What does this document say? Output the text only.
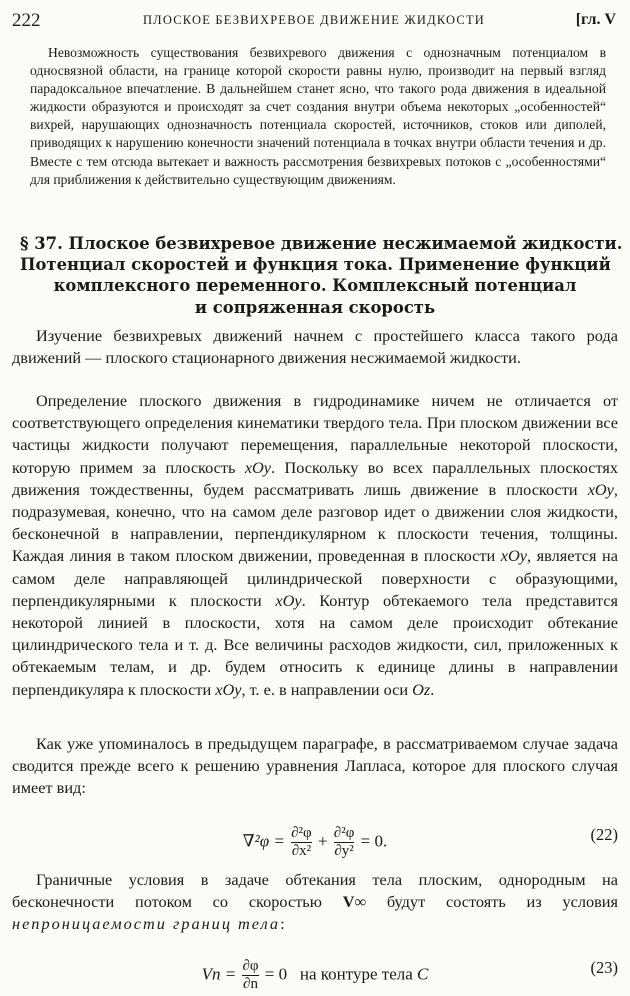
222	ПЛОСКОЕ БЕЗВИХРЕВОЕ ДВИЖЕНИЕ ЖИДКОСТИ	[гл. V

Невозможность существования безвихревого движения с однозначным потенциалом в односвязной области, на границе которой скорости равны нулю, производит на первый взгляд парадоксальное впечатление. В дальнейшем станет ясно, что такого рода движения в идеальной жидкости образуются и происходят за счет создания внутри объема некоторых „особенностей“ вихрей, нарушающих однозначность потенциала скоростей, источников, стоков или диполей, приводящих к нарушению конечности значений потенциала в точках внутри области течения и др. Вместе с тем отсюда вытекает и важность рассмотрения безвихревых потоков с „особенностями“ для приближения к действительно существующим движениям.

§ 37. Плоское безвихревое движение несжимаемой жидкости.
Потенциал скоростей и функция тока. Применение функций
комплексного переменного. Комплексный потенциал
и сопряженная скорость

Изучение безвихревых движений начнем с простейшего класса такого рода движений — плоского стационарного движения несжимаемой жидкости.

Определение плоского движения в гидродинамике ничем не отличается от соответствующего определения кинематики твердого тела. При плоском движении все частицы жидкости получают перемещения, параллельные некоторой плоскости, которую примем за плоскость xOy. Поскольку во всех параллельных плоскостях движения тождественны, будем рассматривать лишь движение в плоскости xOy, подразумевая, конечно, что на самом деле разговор идет о движении слоя жидкости, бесконечной в направлении, перпендикулярном к плоскости течения, толщины. Каждая линия в таком плоском движении, проведенная в плоскости xOy, является на самом деле направляющей цилиндрической поверхности с образующими, перпендикулярными к плоскости xOy. Контур обтекаемого тела представится некоторой линией в плоскости, хотя на самом деле происходит обтекание цилиндрического тела и т. д. Все величины расходов жидкости, сил, приложенных к обтекаемым телам, и др. будем относить к единице длины в направлении перпендикуляра к плоскости xOy, т. е. в направлении оси Oz.

Как уже упоминалось в предыдущем параграфе, в рассматриваемом случае задача сводится прежде всего к решению уравнения Лапласа, которое для плоского случая имеет вид:

$\nabla^2\varphi = \frac{\text{∂²φ}}{\text{∂x²}} + \frac{\text{∂²φ}}{\text{∂y²}} = 0$.	(22)

Граничные условия в задаче обтекания тела плоским, однородным на бесконечности потоком со скоростью V∞ будут состоять из условия непроницаемости границ тела:

$Vn = \frac{\partial\varphi}{\partial n} = 0$ на контуре тела C	(23)
